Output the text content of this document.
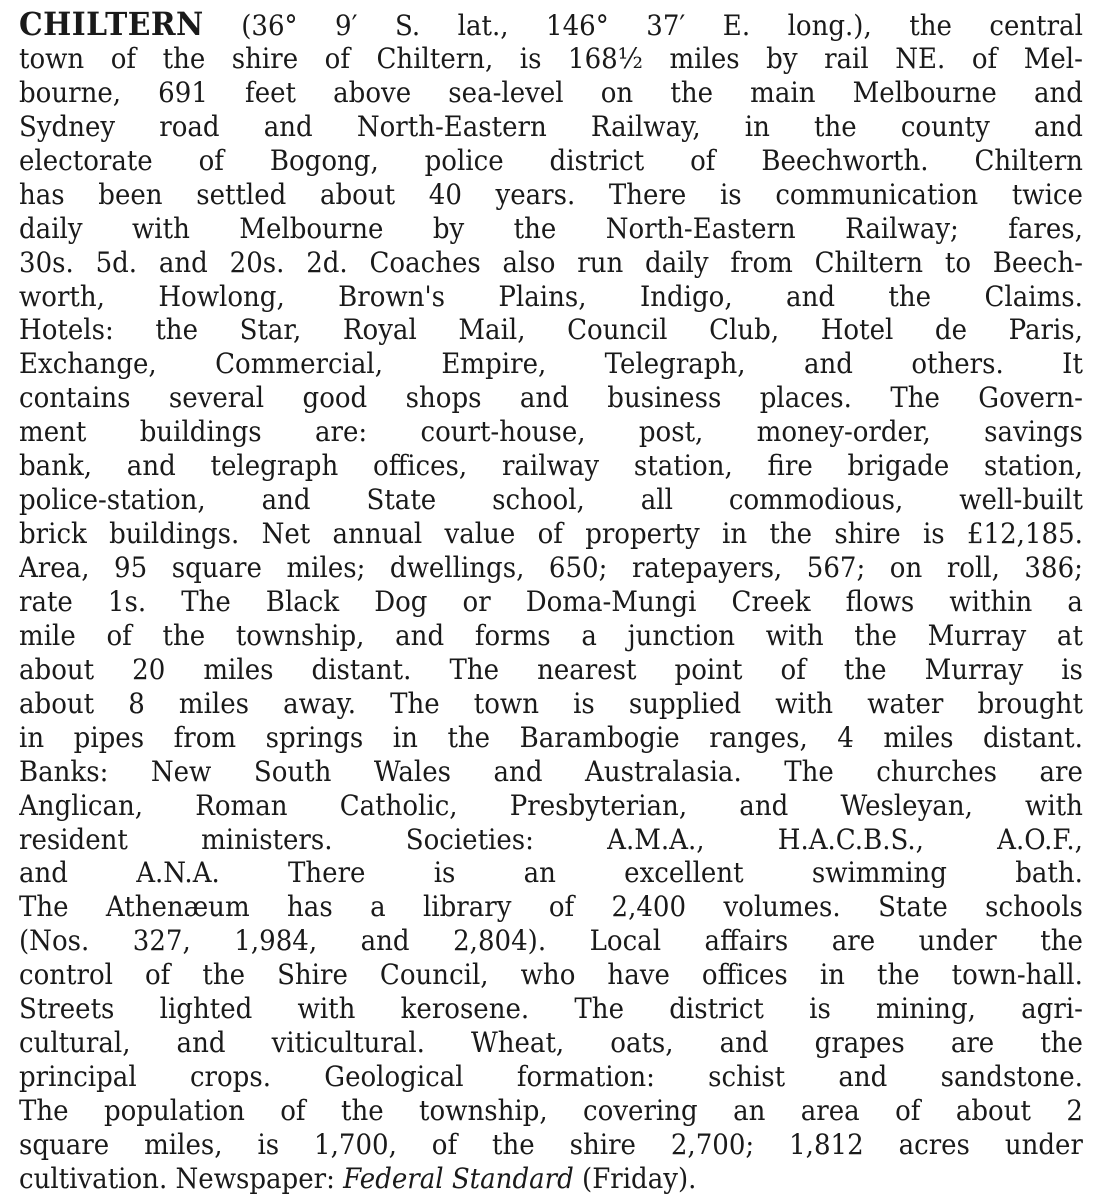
CHILTERN (36° 9′ S. lat., 146° 37′ E. long.), the central
town of the shire of Chiltern, is 168½ miles by rail NE. of Mel-
bourne, 691 feet above sea-level on the main Melbourne and
Sydney road and North-Eastern Railway, in the county and
electorate of Bogong, police district of Beechworth. Chiltern
has been settled about 40 years. There is communication twice
daily with Melbourne by the North-Eastern Railway; fares,
30s. 5d. and 20s. 2d. Coaches also run daily from Chiltern to Beech-
worth, Howlong, Brown's Plains, Indigo, and the Claims.
Hotels: the Star, Royal Mail, Council Club, Hotel de Paris,
Exchange, Commercial, Empire, Telegraph, and others. It
contains several good shops and business places. The Govern-
ment buildings are: court-house, post, money-order, savings
bank, and telegraph offices, railway station, fire brigade station,
police-station, and State school, all commodious, well-built
brick buildings. Net annual value of property in the shire is £12,185.
Area, 95 square miles; dwellings, 650; ratepayers, 567; on roll, 386;
rate 1s. The Black Dog or Doma-Mungi Creek flows within a
mile of the township, and forms a junction with the Murray at
about 20 miles distant. The nearest point of the Murray is
about 8 miles away. The town is supplied with water brought
in pipes from springs in the Barambogie ranges, 4 miles distant.
Banks: New South Wales and Australasia. The churches are
Anglican, Roman Catholic, Presbyterian, and Wesleyan, with
resident ministers. Societies: A.M.A., H.A.C.B.S., A.O.F.,
and A.N.A. There is an excellent swimming bath.
The Athenæum has a library of 2,400 volumes. State schools
(Nos. 327, 1,984, and 2,804). Local affairs are under the
control of the Shire Council, who have offices in the town-hall.
Streets lighted with kerosene. The district is mining, agri-
cultural, and viticultural. Wheat, oats, and grapes are the
principal crops. Geological formation: schist and sandstone.
The population of the township, covering an area of about 2
square miles, is 1,700, of the shire 2,700; 1,812 acres under
cultivation. Newspaper: Federal Standard (Friday).
